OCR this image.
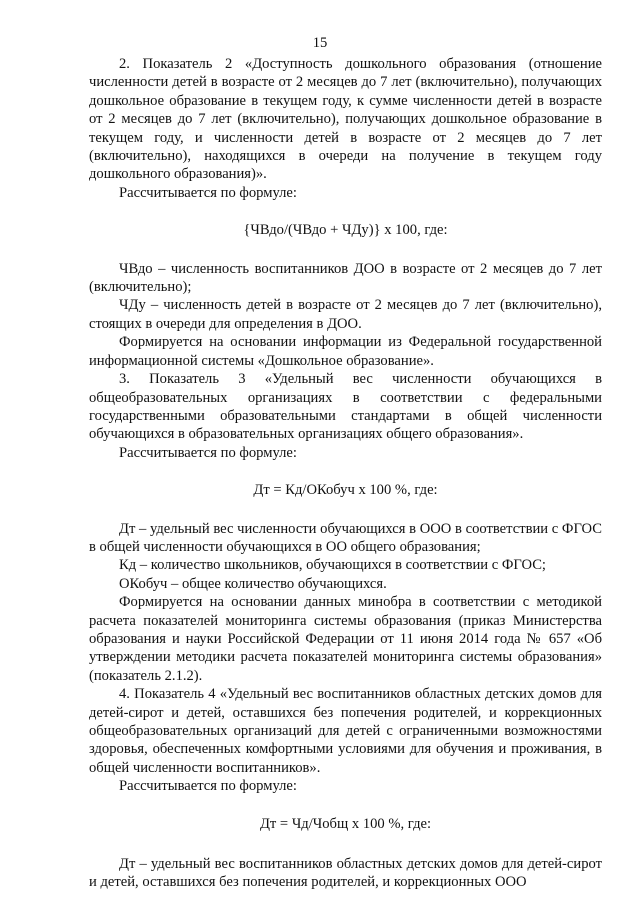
15

2. Показатель 2 «Доступность дошкольного образования (отношение численности детей в возрасте от 2 месяцев до 7 лет (включительно), получающих дошкольное образование в текущем году, к сумме численности детей в возрасте от 2 месяцев до 7 лет (включительно), получающих дошкольное образование в текущем году, и численности детей в возрасте от 2 месяцев до 7 лет (включительно), находящихся в очереди на получение в текущем году дошкольного образования)».

Рассчитывается по формуле:

{ЧВдо/(ЧВдо + ЧДу)} x 100, где:

ЧВдо – численность воспитанников ДОО в возрасте от 2 месяцев до 7 лет (включительно);

ЧДу – численность детей в возрасте от 2 месяцев до 7 лет (включительно), стоящих в очереди для определения в ДОО.

Формируется на основании информации из Федеральной государственной информационной системы «Дошкольное образование».

3. Показатель 3 «Удельный вес численности обучающихся в общеобразовательных организациях в соответствии с федеральными государственными образовательными стандартами в общей численности обучающихся в образовательных организациях общего образования».

Рассчитывается по формуле:

Дт = Кд/ОКобуч х 100 %, где:

Дт – удельный вес численности обучающихся в ООО в соответствии с ФГОС в общей численности обучающихся в ОО общего образования;

Кд – количество школьников, обучающихся в соответствии с ФГОС;

ОКобуч – общее количество обучающихся.

Формируется на основании данных минобра в соответствии с методикой расчета показателей мониторинга системы образования (приказ Министерства образования и науки Российской Федерации от 11 июня 2014 года № 657 «Об утверждении методики расчета показателей мониторинга системы образования» (показатель 2.1.2).

4. Показатель 4 «Удельный вес воспитанников областных детских домов для детей-сирот и детей, оставшихся без попечения родителей, и коррекционных общеобразовательных организаций для детей с ограниченными возможностями здоровья, обеспеченных комфортными условиями для обучения и проживания, в общей численности воспитанников».

Рассчитывается по формуле:

Дт = Чд/Чобщ х 100 %, где:

Дт – удельный вес воспитанников областных детских домов для детей-сирот и детей, оставшихся без попечения родителей, и коррекционных ООО
